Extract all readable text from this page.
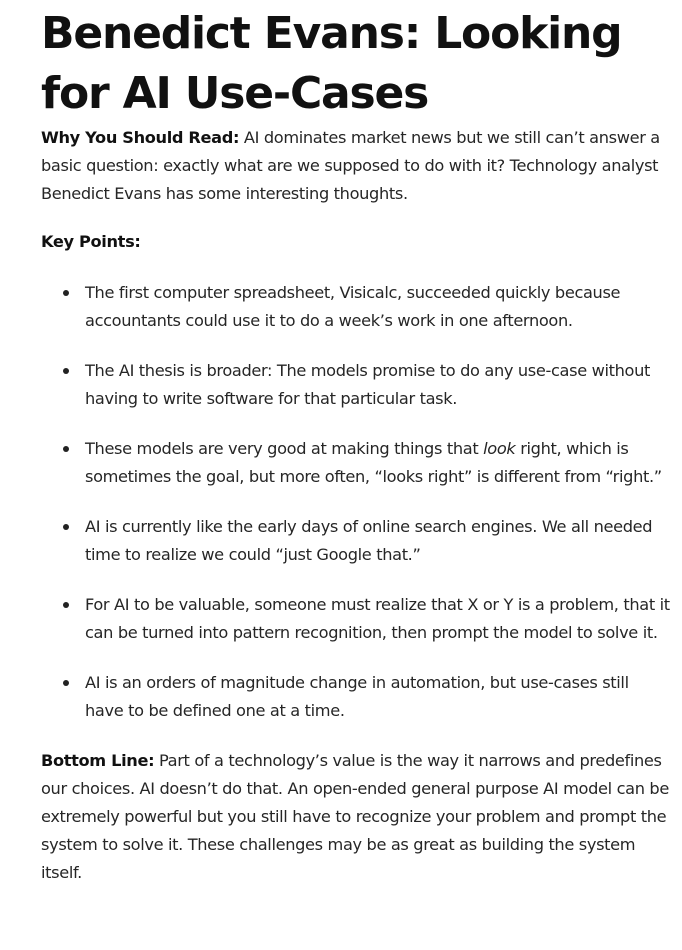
Benedict Evans: Looking for AI Use-Cases

Why You Should Read: AI dominates market news but we still can’t answer a basic question: exactly what are we supposed to do with it? Technology analyst Benedict Evans has some interesting thoughts.

Key Points:

The first computer spreadsheet, Visicalc, succeeded quickly because accountants could use it to do a week’s work in one afternoon.
The AI thesis is broader: The models promise to do any use-case without having to write software for that particular task.
These models are very good at making things that look right, which is sometimes the goal, but more often, “looks right” is different from “right.”
AI is currently like the early days of online search engines. We all needed time to realize we could “just Google that.”
For AI to be valuable, someone must realize that X or Y is a problem, that it can be turned into pattern recognition, then prompt the model to solve it.
AI is an orders of magnitude change in automation, but use-cases still have to be defined one at a time.

Bottom Line: Part of a technology’s value is the way it narrows and predefines our choices. AI doesn’t do that. An open-ended general purpose AI model can be extremely powerful but you still have to recognize your problem and prompt the system to solve it. These challenges may be as great as building the system itself.
